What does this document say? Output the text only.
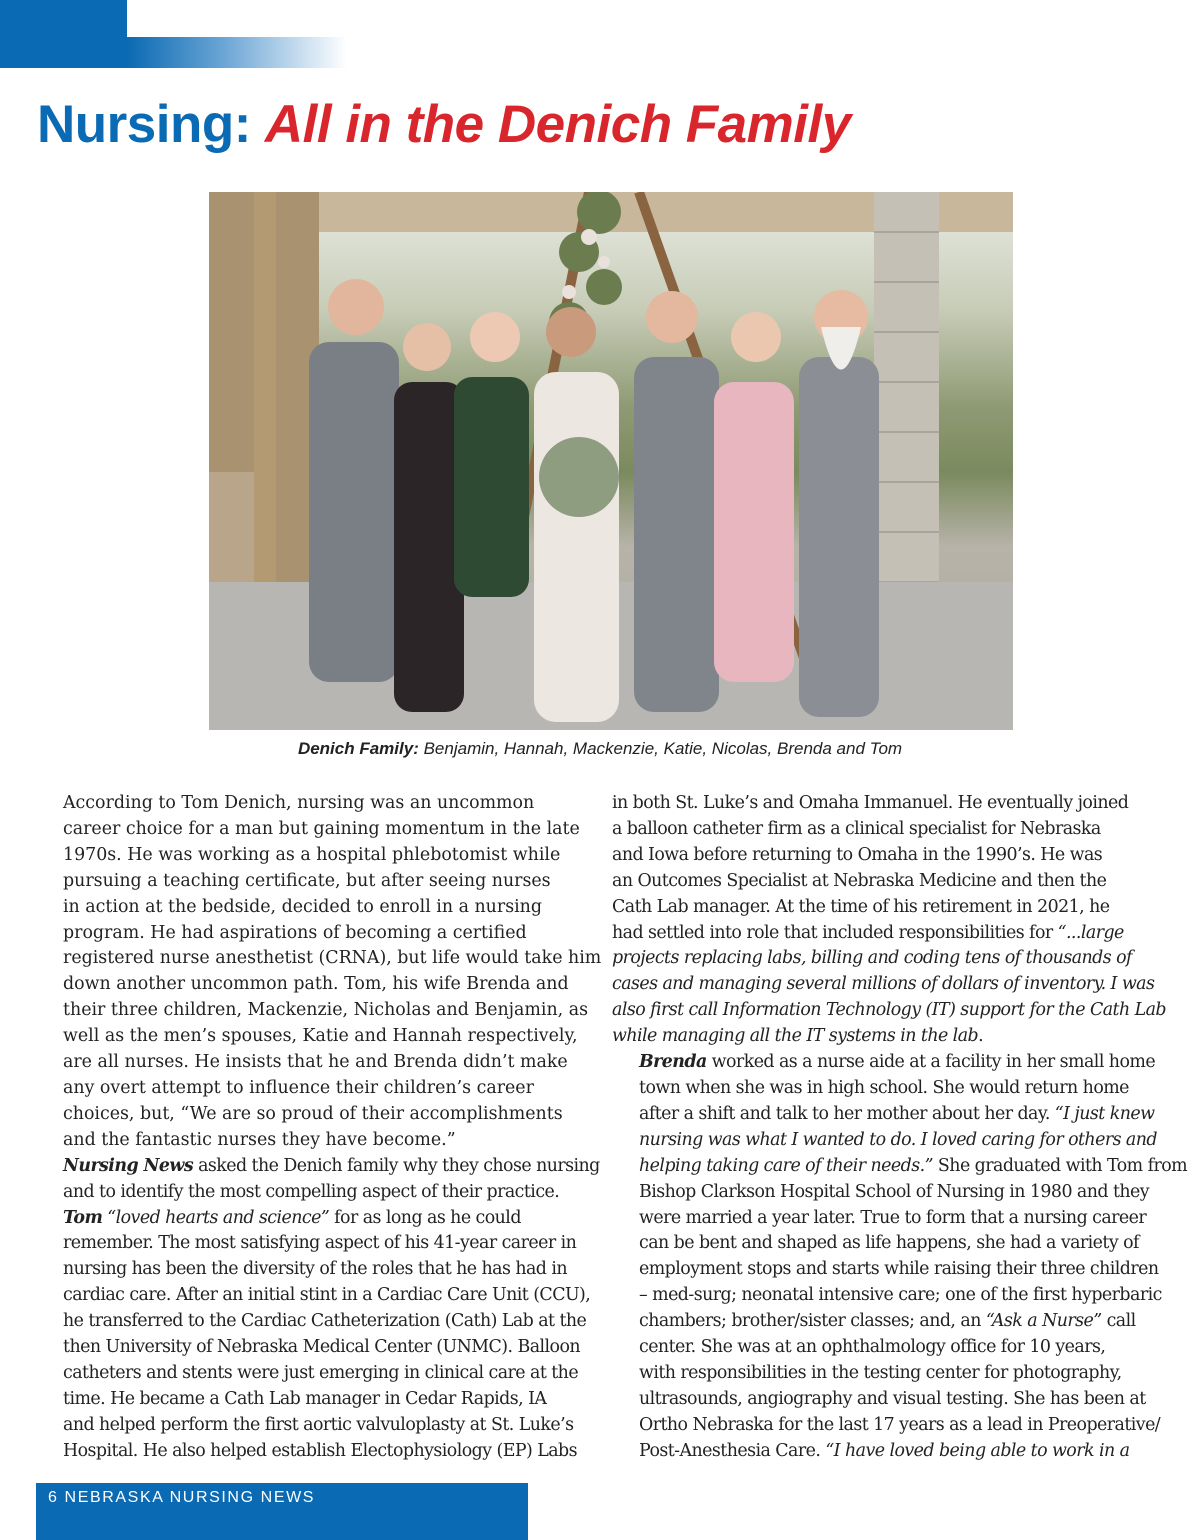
Nursing: All in the Denich Family

Denich Family: Benjamin, Hannah, Mackenzie, Katie, Nicolas, Brenda and Tom

According to Tom Denich, nursing was an uncommon
career choice for a man but gaining momentum in the late
1970s. He was working as a hospital phlebotomist while
pursuing a teaching certificate, but after seeing nurses
in action at the bedside, decided to enroll in a nursing
program. He had aspirations of becoming a certified
registered nurse anesthetist (CRNA), but life would take him
down another uncommon path. Tom, his wife Brenda and
their three children, Mackenzie, Nicholas and Benjamin, as
well as the men’s spouses, Katie and Hannah respectively,
are all nurses. He insists that he and Brenda didn’t make
any overt attempt to influence their children’s career
choices, but, “We are so proud of their accomplishments
and the fantastic nurses they have become.”

Nursing News asked the Denich family why they chose nursing
and to identify the most compelling aspect of their practice.

Tom “loved hearts and science” for as long as he could
remember. The most satisfying aspect of his 41-year career in
nursing has been the diversity of the roles that he has had in
cardiac care. After an initial stint in a Cardiac Care Unit (CCU),
he transferred to the Cardiac Catheterization (Cath) Lab at the
then University of Nebraska Medical Center (UNMC). Balloon
catheters and stents were just emerging in clinical care at the
time. He became a Cath Lab manager in Cedar Rapids, IA
and helped perform the first aortic valvuloplasty at St. Luke’s
Hospital. He also helped establish Electophysiology (EP) Labs

in both St. Luke’s and Omaha Immanuel. He eventually joined
a balloon catheter firm as a clinical specialist for Nebraska
and Iowa before returning to Omaha in the 1990’s. He was
an Outcomes Specialist at Nebraska Medicine and then the
Cath Lab manager. At the time of his retirement in 2021, he
had settled into role that included responsibilities for “...large
projects replacing labs, billing and coding tens of thousands of
cases and managing several millions of dollars of inventory. I was
also first call Information Technology (IT) support for the Cath Lab
while managing all the IT systems in the lab.

Brenda worked as a nurse aide at a facility in her small home
town when she was in high school. She would return home
after a shift and talk to her mother about her day. “I just knew
nursing was what I wanted to do. I loved caring for others and
helping taking care of their needs.” She graduated with Tom from
Bishop Clarkson Hospital School of Nursing in 1980 and they
were married a year later. True to form that a nursing career
can be bent and shaped as life happens, she had a variety of
employment stops and starts while raising their three children
– med-surg; neonatal intensive care; one of the first hyperbaric
chambers; brother/sister classes; and, an “Ask a Nurse” call
center. She was at an ophthalmology office for 10 years,
with responsibilities in the testing center for photography,
ultrasounds, angiography and visual testing. She has been at
Ortho Nebraska for the last 17 years as a lead in Preoperative/
Post-Anesthesia Care. “I have loved being able to work in a

6 NEBRASKA NURSING NEWS
